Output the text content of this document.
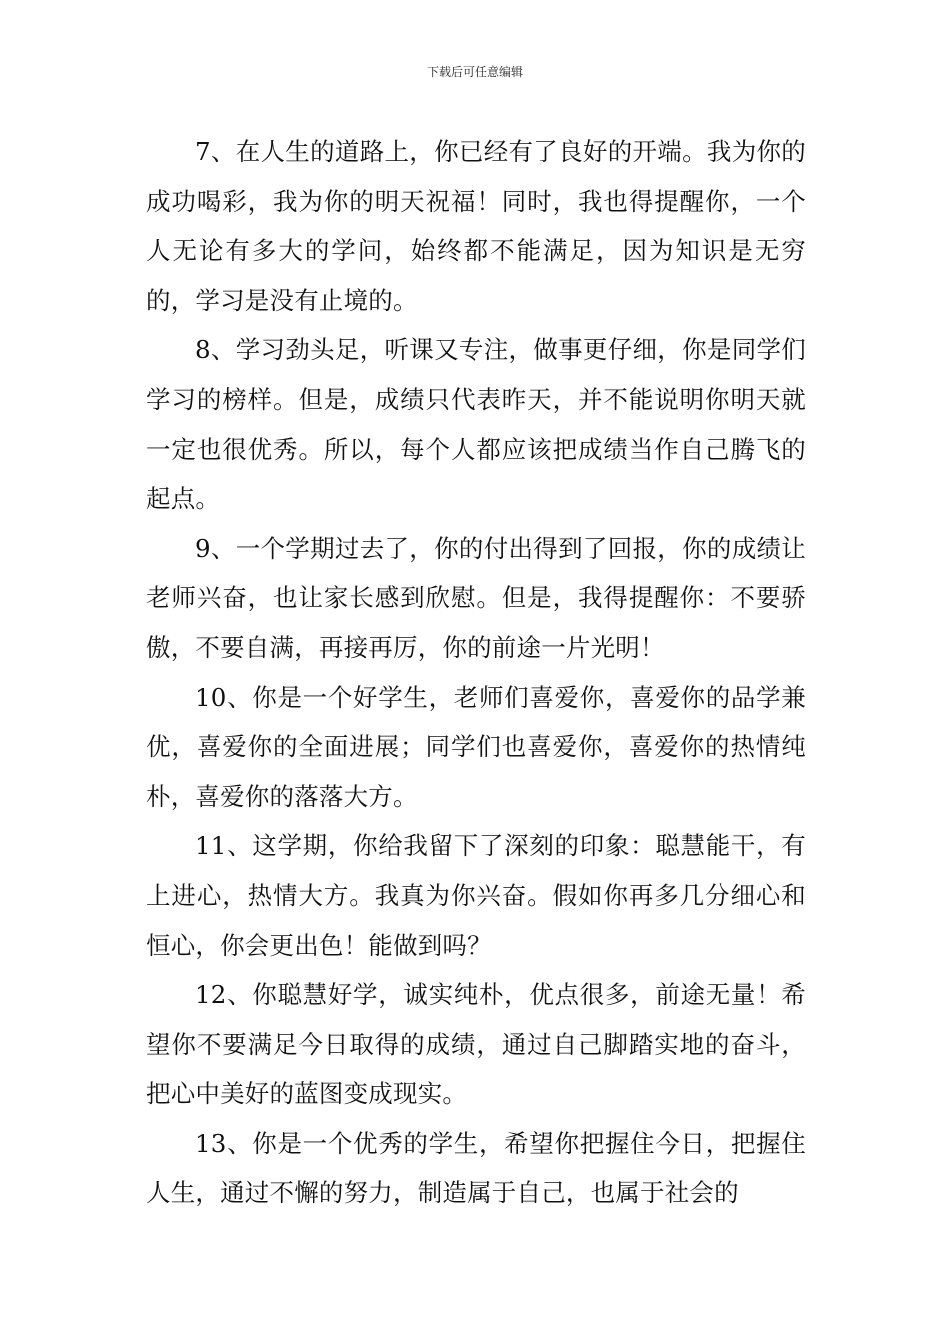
下载后可任意编辑

7、在人生的道路上，你已经有了良好的开端。我为你的成功喝彩，我为你的明天祝福！同时，我也得提醒你，一个人无论有多大的学问，始终都不能满足，因为知识是无穷的，学习是没有止境的。

8、学习劲头足，听课又专注，做事更仔细，你是同学们学习的榜样。但是，成绩只代表昨天，并不能说明你明天就一定也很优秀。所以，每个人都应该把成绩当作自己腾飞的起点。

9、一个学期过去了，你的付出得到了回报，你的成绩让老师兴奋，也让家长感到欣慰。但是，我得提醒你：不要骄傲，不要自满，再接再厉，你的前途一片光明！

10、你是一个好学生，老师们喜爱你，喜爱你的品学兼优，喜爱你的全面进展；同学们也喜爱你，喜爱你的热情纯朴，喜爱你的落落大方。

11、这学期，你给我留下了深刻的印象：聪慧能干，有上进心，热情大方。我真为你兴奋。假如你再多几分细心和恒心，你会更出色！能做到吗？

12、你聪慧好学，诚实纯朴，优点很多，前途无量！希望你不要满足今日取得的成绩，通过自己脚踏实地的奋斗，把心中美好的蓝图变成现实。

13、你是一个优秀的学生，希望你把握住今日，把握住人生，通过不懈的努力，制造属于自己，也属于社会的
